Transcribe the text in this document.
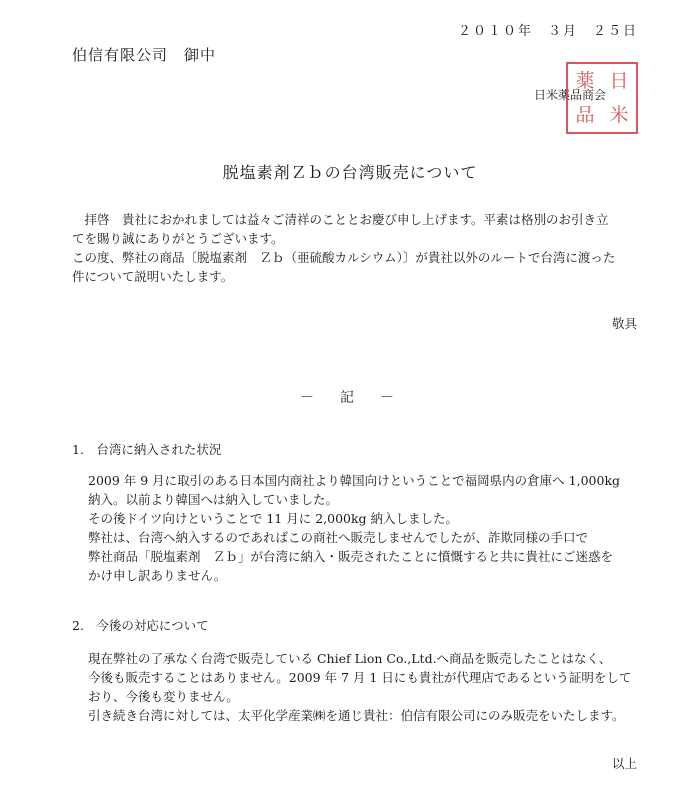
２０１０年　３月　２５日
伯信有限公司　御中
日米薬品商会
薬 日
品 米
脱塩素剤Ｚｂの台湾販売について

　拝啓　貴社におかれましては益々ご清祥のこととお慶び申し上げます。平素は格別のお引き立

てを賜り誠にありがとうございます。

この度、弊社の商品〔脱塩素剤　Ｚｂ（亜硫酸カルシウム）〕が貴社以外のルートで台湾に渡った

件について説明いたします。

敬具
－　記　－
1.　台湾に納入された状況

2009 年 9 月に取引のある日本国内商社より韓国向けということで福岡県内の倉庫へ 1,000kg

納入。以前より韓国へは納入していました。

その後ドイツ向けということで 11 月に 2,000kg 納入しました。

弊社は、台湾へ納入するのであればこの商社へ販売しませんでしたが、詐欺同様の手口で

弊社商品「脱塩素剤　Ｚｂ」が台湾に納入・販売されたことに憤慨すると共に貴社にご迷惑を

かけ申し訳ありません。

2.　今後の対応について

現在弊社の了承なく台湾で販売している Chief Lion Co.,Ltd.へ商品を販売したことはなく、

今後も販売することはありません。2009 年 7 月 1 日にも貴社が代理店であるという証明をして

おり、今後も変りません。

引き続き台湾に対しては、太平化学産業㈱を通じ貴社：伯信有限公司にのみ販売をいたします。

以上
